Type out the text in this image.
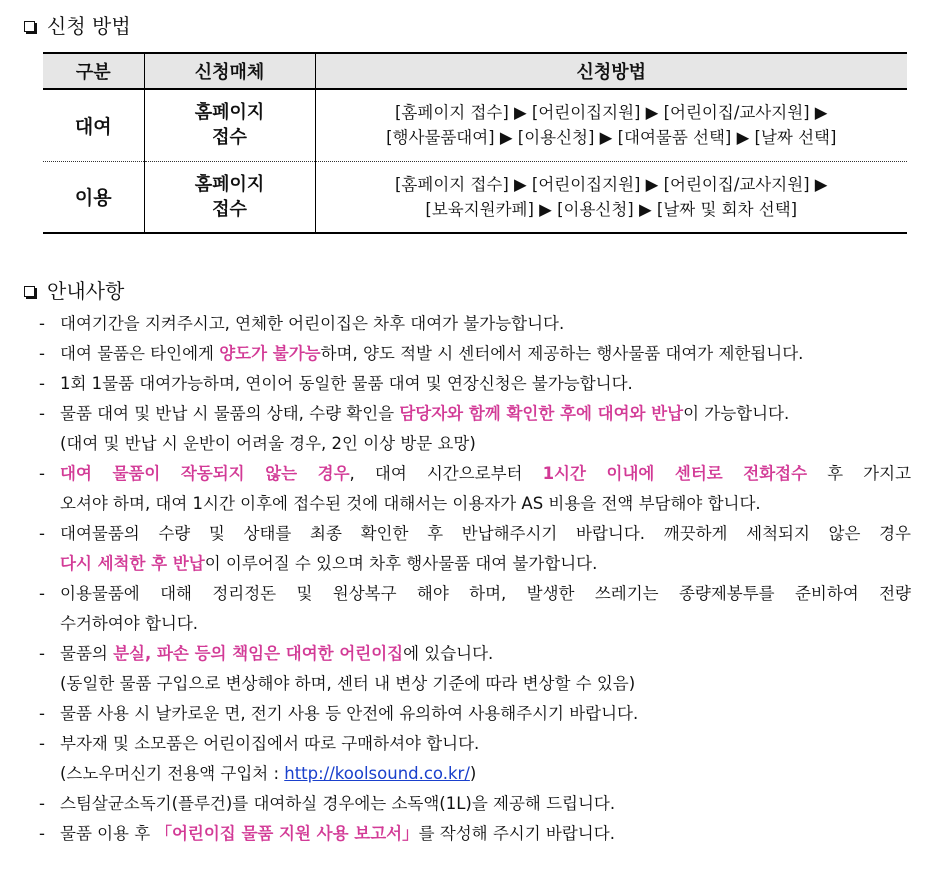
신청 방법
구분	신청매체	신청방법
대여	홈페이지
접수	[홈페이지 접수] ▶ [어린이집지원] ▶ [어린이집/교사지원] ▶
[행사물품대여] ▶ [이용신청] ▶ [대여물품 선택] ▶ [날짜 선택]

이용	홈페이지
접수	[홈페이지 접수] ▶ [어린이집지원] ▶ [어린이집/교사지원] ▶
[보육지원카페] ▶ [이용신청] ▶ [날짜 및 회차 선택]
안내사항
- 대여기간을 지켜주시고, 연체한 어린이집은 차후 대여가 불가능합니다.
- 대여 물품은 타인에게 양도가 불가능하며, 양도 적발 시 센터에서 제공하는 행사물품 대여가 제한됩니다.
- 1회 1물품 대여가능하며, 연이어 동일한 물품 대여 및 연장신청은 불가능합니다.
- 물품 대여 및 반납 시 물품의 상태, 수량 확인을 담당자와 함께 확인한 후에 대여와 반납이 가능합니다.
(대여 및 반납 시 운반이 어려울 경우, 2인 이상 방문 요망)
- 대여 물품이 작동되지 않는 경우, 대여 시간으로부터 1시간 이내에 센터로 전화접수 후 가지고
오셔야 하며, 대여 1시간 이후에 접수된 것에 대해서는 이용자가 AS 비용을 전액 부담해야 합니다.
- 대여물품의 수량 및 상태를 최종 확인한 후 반납해주시기 바랍니다. 깨끗하게 세척되지 않은 경우
다시 세척한 후 반납이 이루어질 수 있으며 차후 행사물품 대여 불가합니다.
- 이용물품에 대해 정리정돈 및 원상복구 해야 하며, 발생한 쓰레기는 종량제봉투를 준비하여 전량
수거하여야 합니다.
- 물품의 분실, 파손 등의 책임은 대여한 어린이집에 있습니다.
(동일한 물품 구입으로 변상해야 하며, 센터 내 변상 기준에 따라 변상할 수 있음)
- 물품 사용 시 날카로운 면, 전기 사용 등 안전에 유의하여 사용해주시기 바랍니다.
- 부자재 및 소모품은 어린이집에서 따로 구매하셔야 합니다.
(스노우머신기 전용액 구입처 : http://koolsound.co.kr/)
- 스팀살균소독기(플루건)를 대여하실 경우에는 소독액(1L)을 제공해 드립니다.
- 물품 이용 후 「어린이집 물품 지원 사용 보고서」를 작성해 주시기 바랍니다.
